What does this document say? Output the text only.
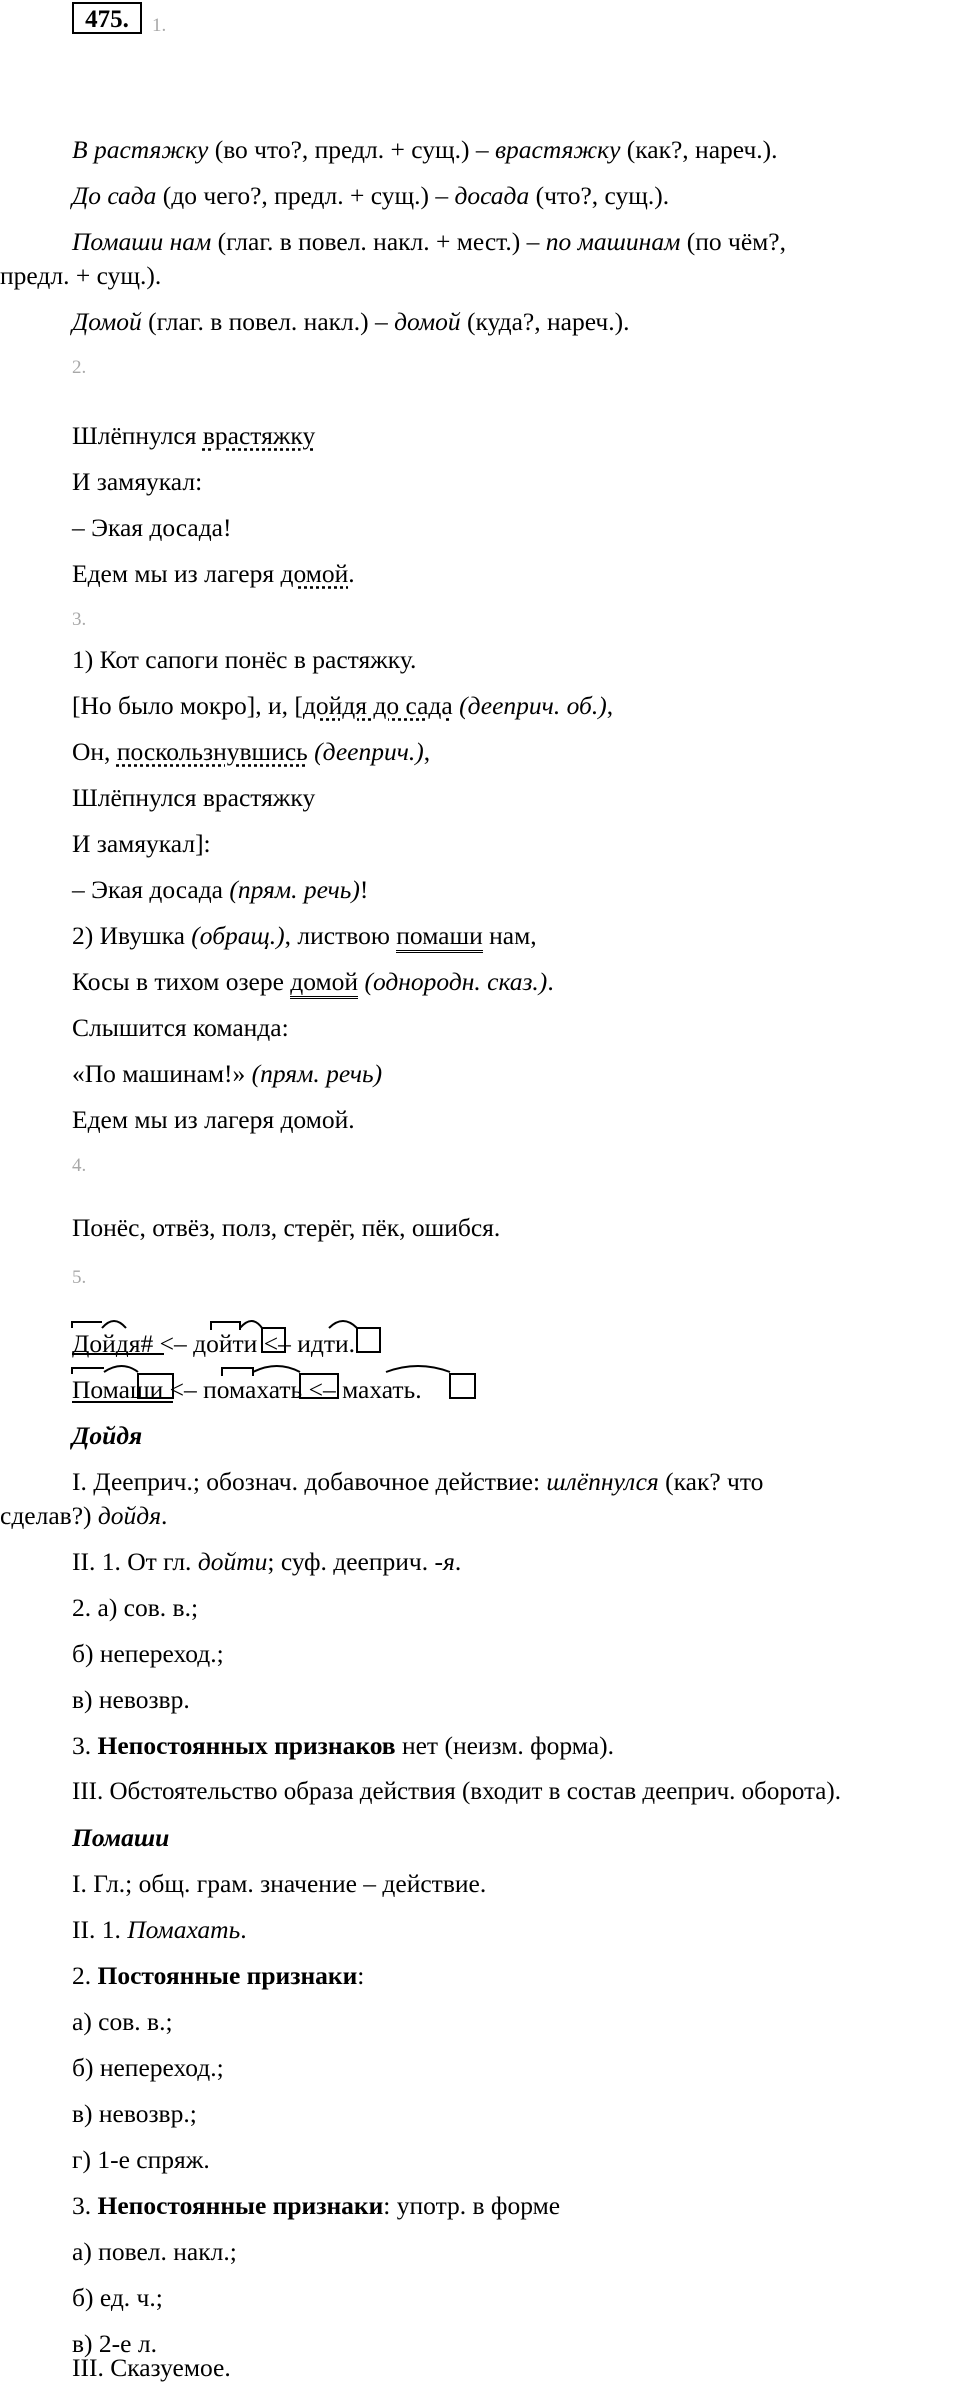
475.	1.
В растяжку (во что?, предл. + сущ.) – врастяжку (как?, нареч.).
До сада (до чего?, предл. + сущ.) – досада (что?, сущ.).
Помаши нам (глаг. в повел. накл. + мест.) – по машинам (по чём?,
предл. + сущ.).
Домой (глаг. в повел. накл.) – домой (куда?, нареч.).
2.
Шлёпнулся врастяжку
И замяукал:
– Экая досада!
Едем мы из лагеря домой.
3.
1) Кот сапоги понёс в растяжку.
[Но было мокро], и, [дойдя до сада (дееприч. об.),
Он, поскользнувшись (дееприч.),
Шлёпнулся врастяжку
И замяукал]:
– Экая досада (прям. речь)!
2) Ивушка (обращ.), листвою помаши нам,
Косы в тихом озере домой (однородн. сказ.).
Слышится команда:
«По машинам!» (прям. речь)
Едем мы из лагеря домой.
4.
Понёс, отвёз, полз, стерёг, пёк, ошибся.
5.
Дойдя# <– дойти <– идти.
Помаши <– помахать <– махать.
Дойдя
I. Дееприч.; обознач. добавочное действие: шлёпнулся (как? что
сделав?) дойдя.
II. 1. От гл. дойти; суф. дееприч. -я.
2. а) сов. в.;
б) непереход.;
в) невозвр.
3. Непостоянных признаков нет (неизм. форма).
III. Обстоятельство образа действия (входит в состав дееприч. оборота).
Помаши
I. Гл.; общ. грам. значение – действие.
II. 1. Помахать.
2. Постоянные признаки:
а) сов. в.;
б) непереход.;
в) невозвр.;
г) 1-е спряж.
3. Непостоянные признаки: употр. в форме
а) повел. накл.;
б) ед. ч.;
в) 2-е л.
III. Сказуемое.
